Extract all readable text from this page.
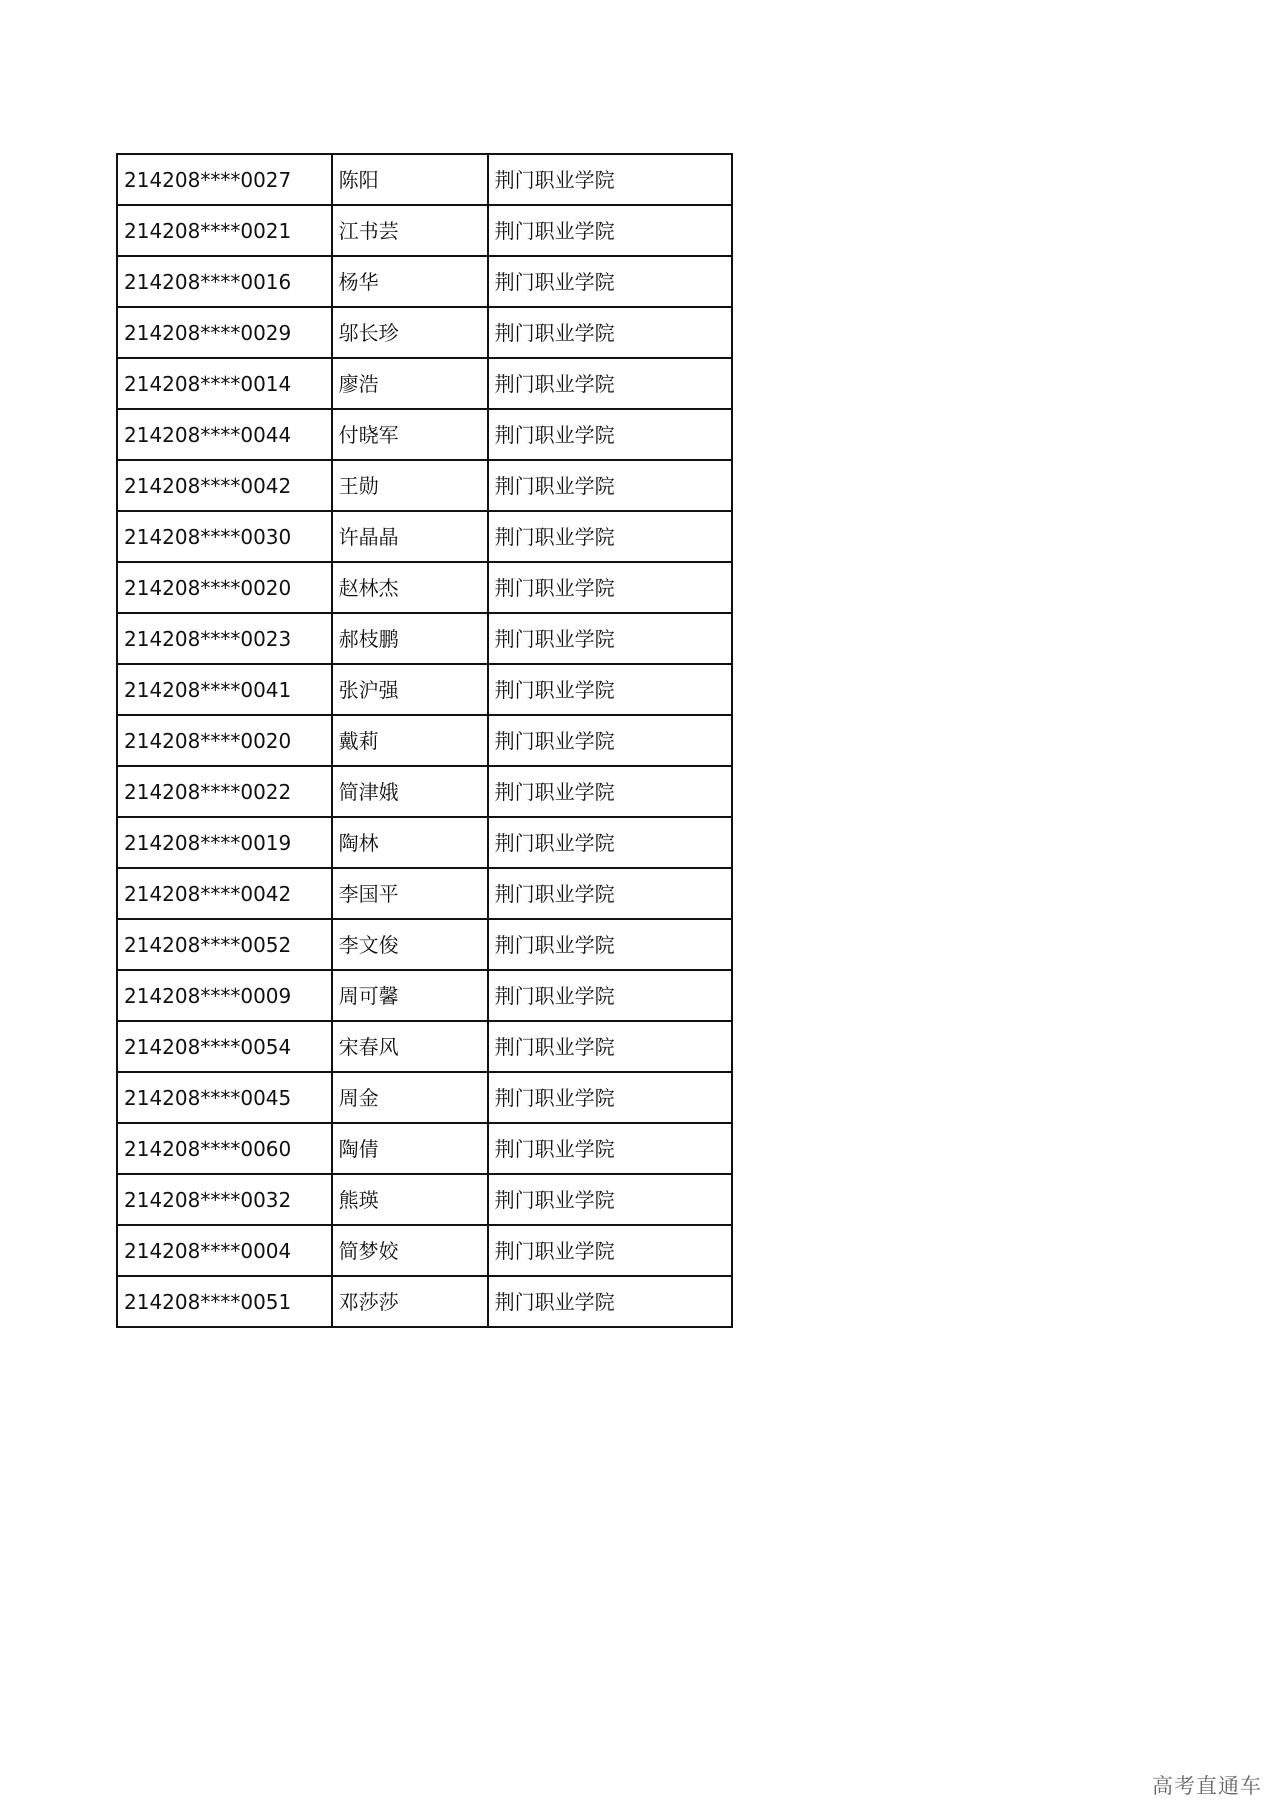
214208****0027	陈阳	荆门职业学院
214208****0021	江书芸	荆门职业学院
214208****0016	杨华	荆门职业学院
214208****0029	邬长珍	荆门职业学院
214208****0014	廖浩	荆门职业学院
214208****0044	付晓军	荆门职业学院
214208****0042	王勋	荆门职业学院
214208****0030	许晶晶	荆门职业学院
214208****0020	赵林杰	荆门职业学院
214208****0023	郝枝鹏	荆门职业学院
214208****0041	张沪强	荆门职业学院
214208****0020	戴莉	荆门职业学院
214208****0022	简津娥	荆门职业学院
214208****0019	陶林	荆门职业学院
214208****0042	李国平	荆门职业学院
214208****0052	李文俊	荆门职业学院
214208****0009	周可馨	荆门职业学院
214208****0054	宋春风	荆门职业学院
214208****0045	周金	荆门职业学院
214208****0060	陶倩	荆门职业学院
214208****0032	熊瑛	荆门职业学院
214208****0004	简梦姣	荆门职业学院
214208****0051	邓莎莎	荆门职业学院
高考直通车
